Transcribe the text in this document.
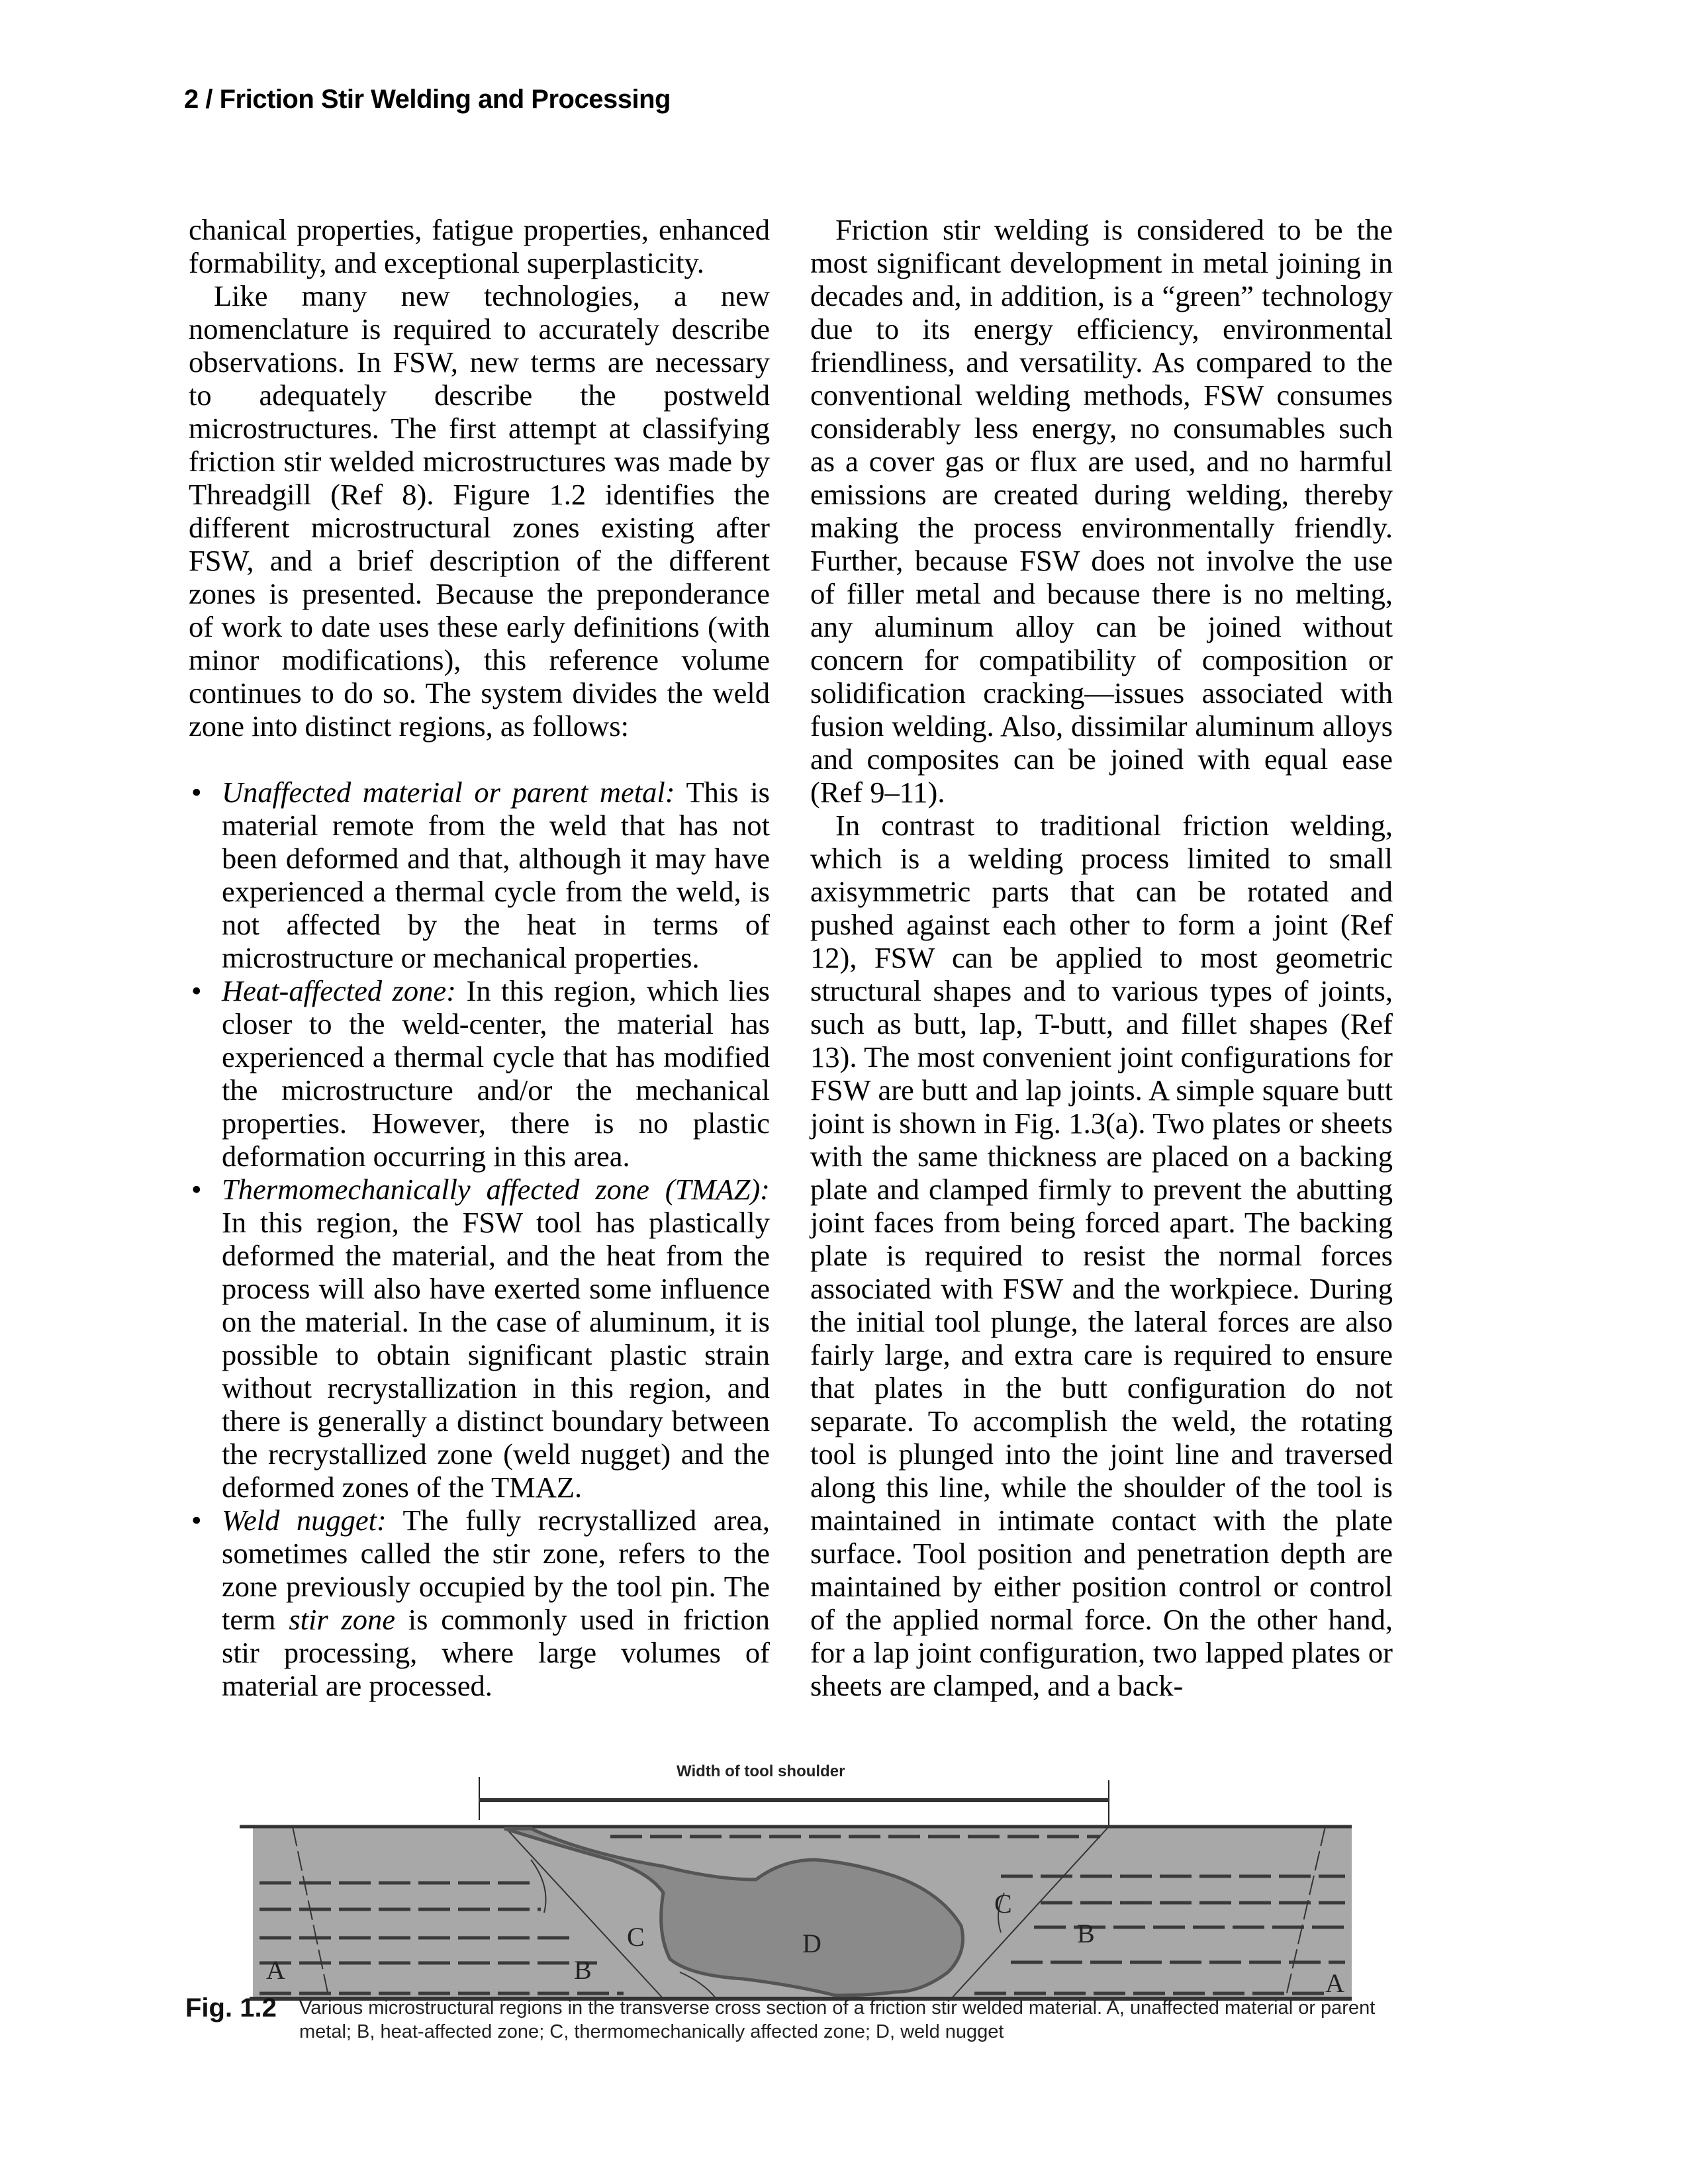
2 / Friction Stir Welding and Processing

chanical properties, fatigue properties, enhanced formability, and exceptional superplasticity.

Like many new technologies, a new nomenclature is required to accurately describe observations. In FSW, new terms are necessary to adequately describe the postweld microstructures. The first attempt at classifying friction stir welded microstructures was made by Threadgill (Ref 8). Figure 1.2 identifies the different microstructural zones existing after FSW, and a brief description of the different zones is presented. Because the preponderance of work to date uses these early definitions (with minor modifications), this reference volume continues to do so. The system divides the weld zone into distinct regions, as follows:

• Unaffected material or parent metal: This is material remote from the weld that has not been deformed and that, although it may have experienced a thermal cycle from the weld, is not affected by the heat in terms of microstructure or mechanical properties.
• Heat-affected zone: In this region, which lies closer to the weld-center, the material has experienced a thermal cycle that has modified the microstructure and/or the mechanical properties. However, there is no plastic deformation occurring in this area.
• Thermomechanically affected zone (TMAZ): In this region, the FSW tool has plastically deformed the material, and the heat from the process will also have exerted some influence on the material. In the case of aluminum, it is possible to obtain significant plastic strain without recrystallization in this region, and there is generally a distinct boundary between the recrystallized zone (weld nugget) and the deformed zones of the TMAZ.
• Weld nugget: The fully recrystallized area, sometimes called the stir zone, refers to the zone previously occupied by the tool pin. The term stir zone is commonly used in friction stir processing, where large volumes of material are processed.

Friction stir welding is considered to be the most significant development in metal joining in decades and, in addition, is a “green” technology due to its energy efficiency, environmental friendliness, and versatility. As compared to the conventional welding methods, FSW consumes considerably less energy, no consumables such as a cover gas or flux are used, and no harmful emissions are created during welding, thereby making the process environmentally friendly. Further, because FSW does not involve the use of filler metal and because there is no melting, any aluminum alloy can be joined without concern for compatibility of composition or solidification cracking—issues associated with fusion welding. Also, dissimilar aluminum alloys and composites can be joined with equal ease (Ref 9–11).

In contrast to traditional friction welding, which is a welding process limited to small axisymmetric parts that can be rotated and pushed against each other to form a joint (Ref 12), FSW can be applied to most geometric structural shapes and to various types of joints, such as butt, lap, T-butt, and fillet shapes (Ref 13). The most convenient joint configurations for FSW are butt and lap joints. A simple square butt joint is shown in Fig. 1.3(a). Two plates or sheets with the same thickness are placed on a backing plate and clamped firmly to prevent the abutting joint faces from being forced apart. The backing plate is required to resist the normal forces associated with FSW and the workpiece. During the initial tool plunge, the lateral forces are also fairly large, and extra care is required to ensure that plates in the butt configuration do not separate. To accomplish the weld, the rotating tool is plunged into the joint line and traversed along this line, while the shoulder of the tool is maintained in intimate contact with the plate surface. Tool position and penetration depth are maintained by either position control or control of the applied normal force. On the other hand, for a lap joint configuration, two lapped plates or sheets are clamped, and a back-

Width of tool shoulder
A	B
C	D
C
B
A
Fig. 1.2 Various microstructural regions in the transverse cross section of a friction stir welded material. A, unaffected material or parent metal; B, heat-affected zone; C, thermomechanically affected zone; D, weld nugget
